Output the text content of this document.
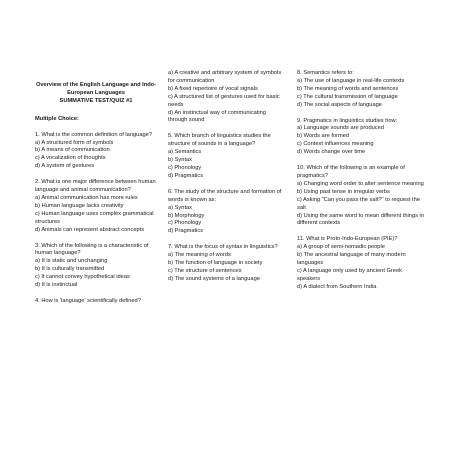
Overview of the English Language and Indo-
European Languages
SUMMATIVE TEST/QUIZ #1
Multiple Choice:
1. What is the common definition of language?
a) A structured form of symbols
b) A means of communication
c) A vocalization of thoughts
d) A system of gestures
2. What is one major difference between human language and animal communication?
a) Animal communication has more rules
b) Human language lacks creativity
c) Human language uses complex grammatical structures
d) Animals can represent abstract concepts
3. Which of the following is a characteristic of human language?
a) It is static and unchanging
b) It is culturally transmitted
c) It cannot convey hypothetical ideas
d) It is instinctual
4. How is 'language' scientifically defined?
a) A creative and arbitrary system of symbols for communication
b) A fixed repertoire of vocal signals
c) A structured list of gestures used for basic needs
d) An instinctual way of communicating through sound
5. Which branch of linguistics studies the structure of sounds in a language?
a) Semantics
b) Syntax
c) Phonology
d) Pragmatics
6. The study of the structure and formation of words is known as:
a) Syntax
b) Morphology
c) Phonology
d) Pragmatics
7. What is the focus of syntax in linguistics?
a) The meaning of words
b) The function of language in society
c) The structure of sentences
d) The sound systems of a language
8. Semantics refers to:
a) The use of language in real-life contexts
b) The meaning of words and sentences
c) The cultural transmission of language
d) The social aspects of language
9. Pragmatics in linguistics studies how:
a) Language sounds are produced
b) Words are formed
c) Context influences meaning
d) Words change over time
10. Which of the following is an example of pragmatics?
a) Changing word order to alter sentence meaning
b) Using past tense in irregular verbs
c) Asking "Can you pass the salt?" to request the salt
d) Using the same word to mean different things in different contexts
11. What is Proto-Indo-European (PIE)?
a) A group of semi-nomadic people
b) The ancestral language of many modern languages
c) A language only used by ancient Greek speakers
d) A dialect from Southern India
